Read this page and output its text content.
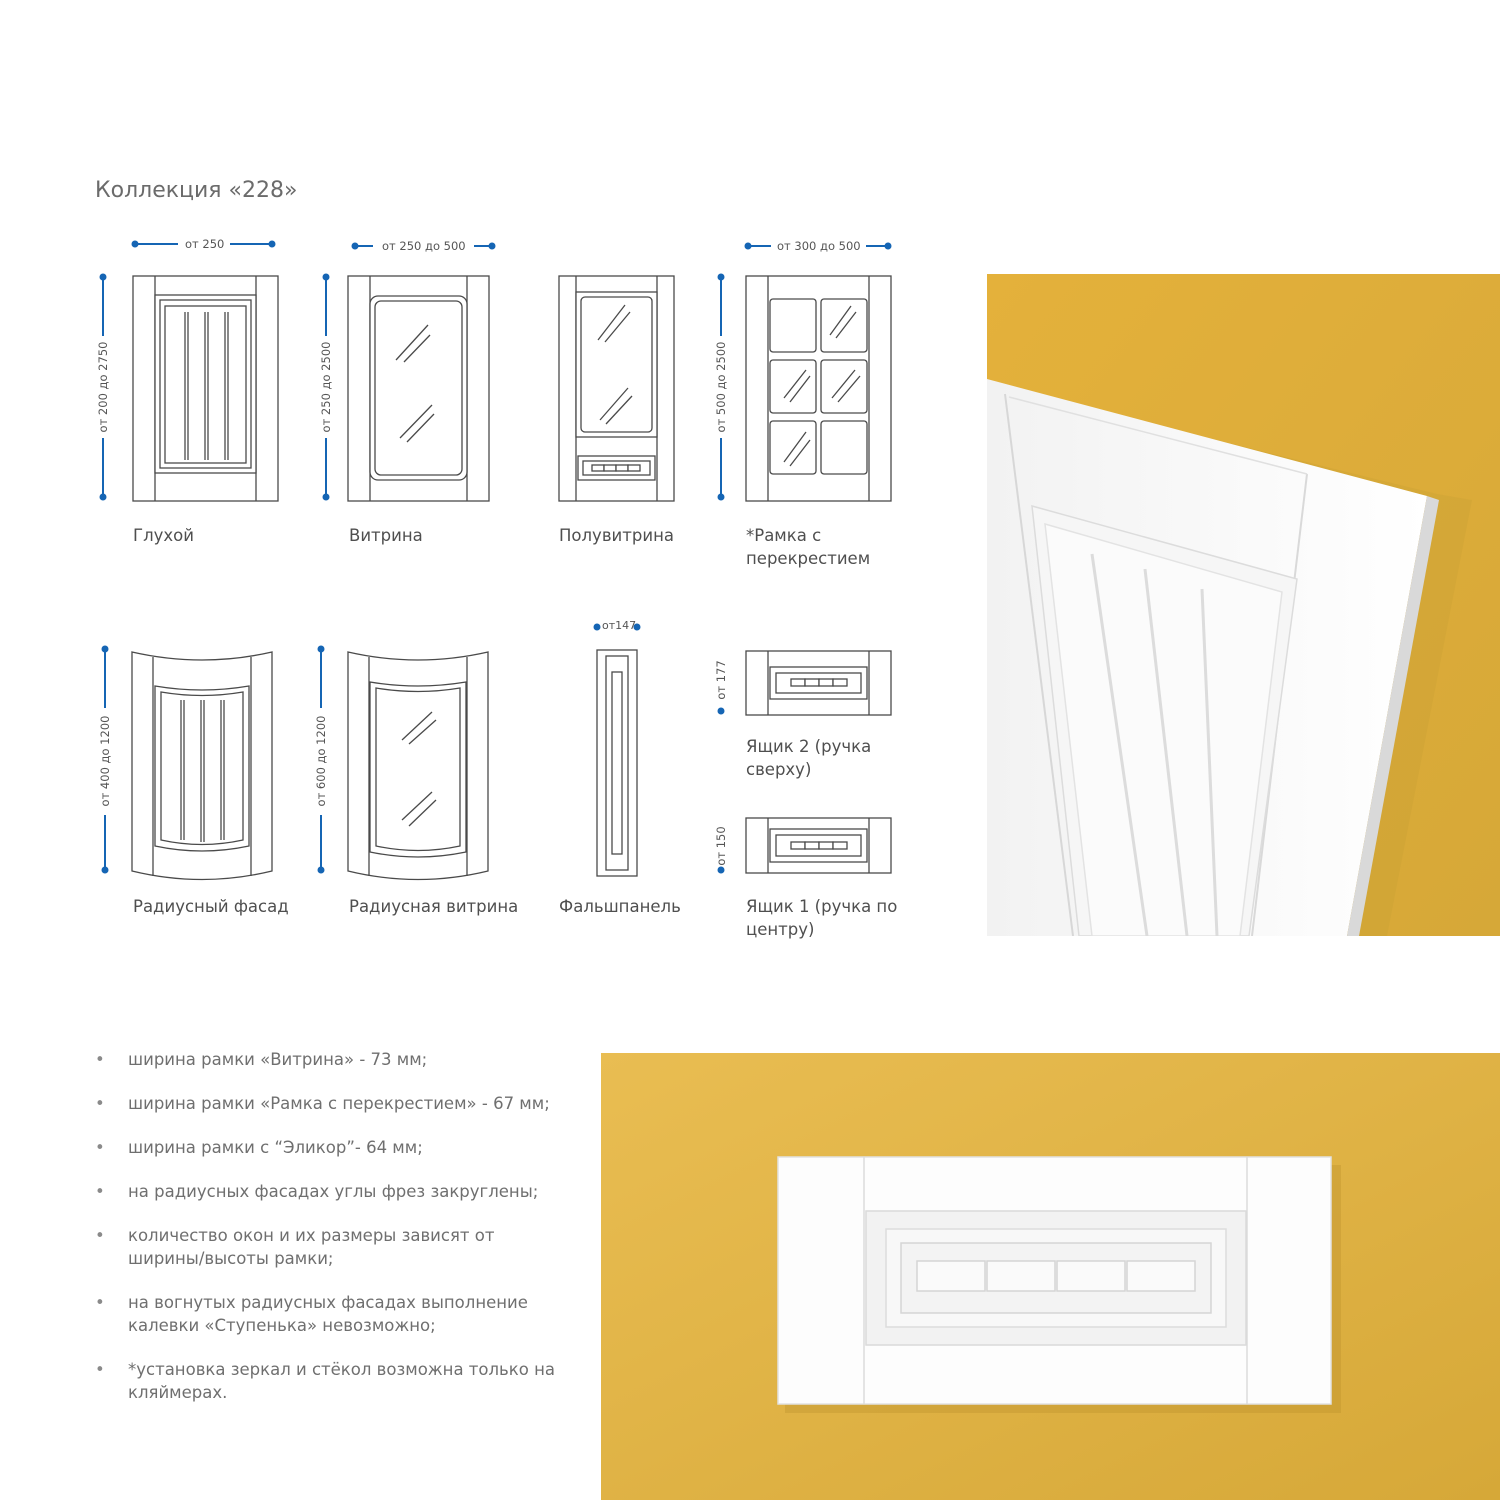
Коллекция «228»
от 250
от 200 до 2750
от 250 до 500
от 250 до 2500
от 300 до 500
от 500 до 2500
от 400 до 1200	от 600 до 1200
от147
от 177
от 150
Глухой	Витрина	Полувитрина	*Рамка с перекрестием
Радиусный фасад	Радиусная витрина Фальшпанель
Ящик 2 (ручка сверху)
Ящик 1 (ручка по центру)
• ширина рамки «Витрина» - 73 мм;
• ширина рамки «Рамка с перекрестием» - 67 мм;
• ширина рамки с “Эликор”- 64 мм;
• на радиусных фасадах углы фрез закруглены;
• количество окон и их размеры зависят от ширины/высоты рамки;
• на вогнутых радиусных фасадах выполнение калевки «Ступенька» невозможно;
• *установка зеркал и стёкол возможна только на кляймерах.
